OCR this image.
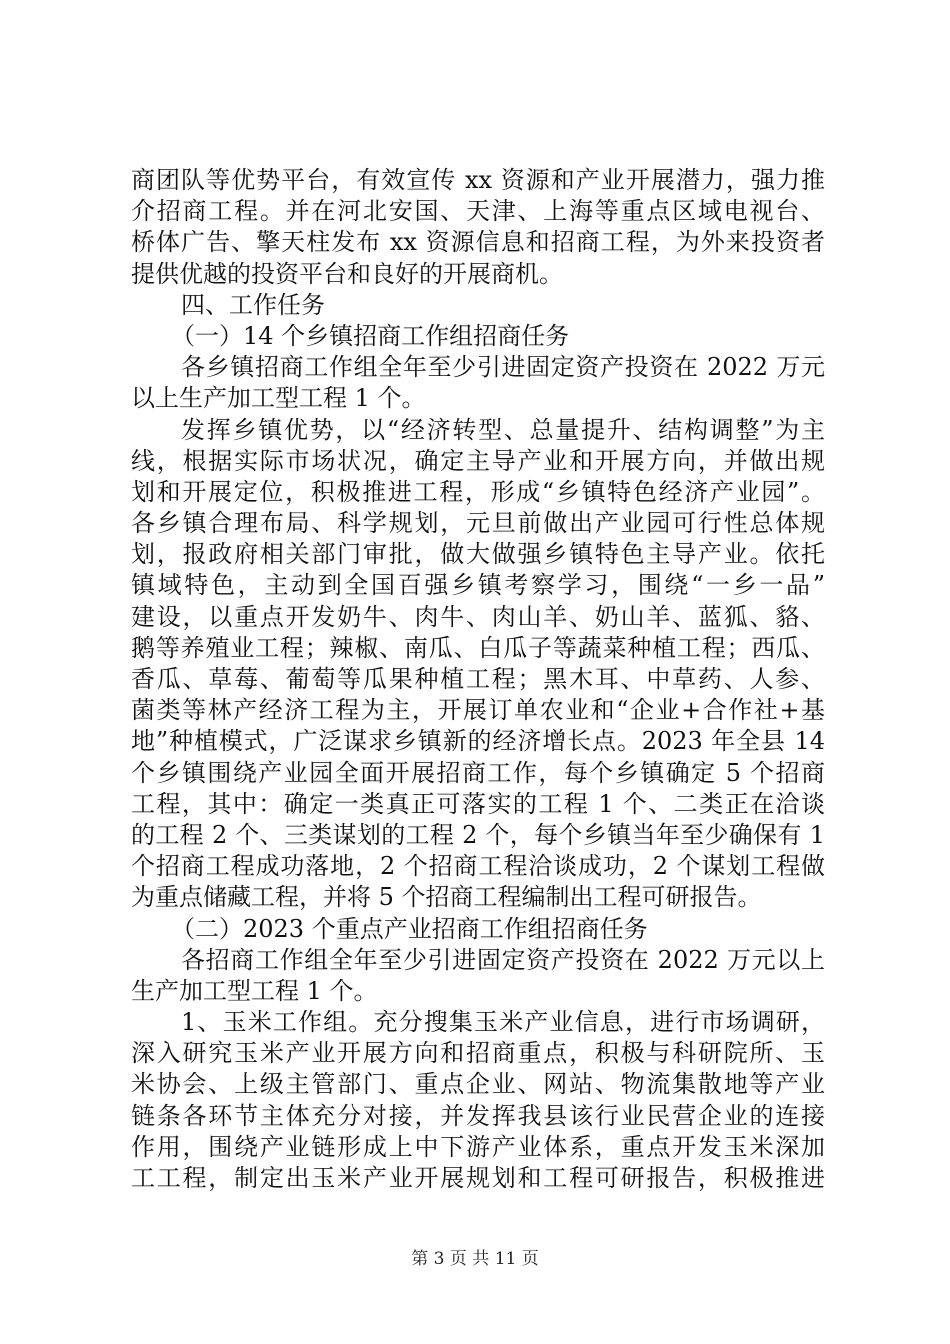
商团队等优势平台，有效宣传 xx 资源和产业开展潜力，强力推
介招商工程。并在河北安国、天津、上海等重点区域电视台、
桥体广告、擎天柱发布 xx 资源信息和招商工程，为外来投资者
提供优越的投资平台和良好的开展商机。
四、工作任务
（一）14 个乡镇招商工作组招商任务
各乡镇招商工作组全年至少引进固定资产投资在 2022 万元
以上生产加工型工程 1 个。
发挥乡镇优势，以“经济转型、总量提升、结构调整”为主
线，根据实际市场状况，确定主导产业和开展方向，并做出规
划和开展定位，积极推进工程，形成“乡镇特色经济产业园”。
各乡镇合理布局、科学规划，元旦前做出产业园可行性总体规
划，报政府相关部门审批，做大做强乡镇特色主导产业。依托
镇域特色，主动到全国百强乡镇考察学习，围绕“一乡一品”
建设，以重点开发奶牛、肉牛、肉山羊、奶山羊、蓝狐、貉、
鹅等养殖业工程；辣椒、南瓜、白瓜子等蔬菜种植工程；西瓜、
香瓜、草莓、葡萄等瓜果种植工程；黑木耳、中草药、人参、
菌类等林产经济工程为主，开展订单农业和“企业+合作社+基
地”种植模式，广泛谋求乡镇新的经济增长点。2023 年全县 14
个乡镇围绕产业园全面开展招商工作，每个乡镇确定 5 个招商
工程，其中：确定一类真正可落实的工程 1 个、二类正在洽谈
的工程 2 个、三类谋划的工程 2 个，每个乡镇当年至少确保有 1
个招商工程成功落地，2 个招商工程洽谈成功，2 个谋划工程做
为重点储藏工程，并将 5 个招商工程编制出工程可研报告。
（二）2023 个重点产业招商工作组招商任务
各招商工作组全年至少引进固定资产投资在 2022 万元以上
生产加工型工程 1 个。
1、玉米工作组。充分搜集玉米产业信息，进行市场调研，
深入研究玉米产业开展方向和招商重点，积极与科研院所、玉
米协会、上级主管部门、重点企业、网站、物流集散地等产业
链条各环节主体充分对接，并发挥我县该行业民营企业的连接
作用，围绕产业链形成上中下游产业体系，重点开发玉米深加
工工程，制定出玉米产业开展规划和工程可研报告，积极推进
第 3 页 共 11 页
